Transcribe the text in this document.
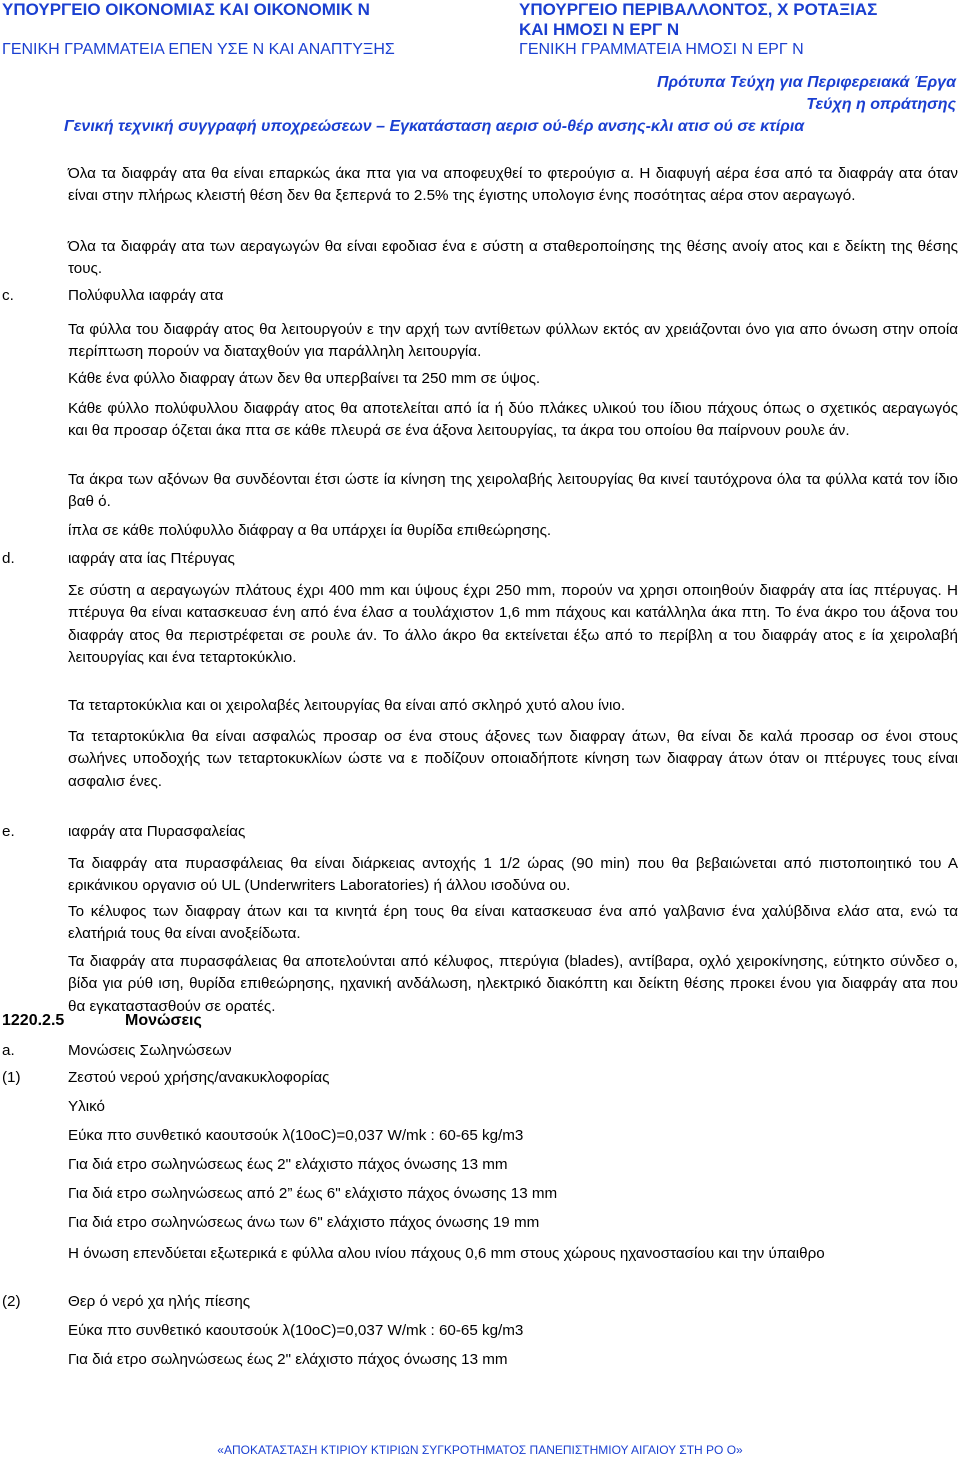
ΥΠΟΥΡΓΕΙΟ ΟΙΚΟΝΟΜΙΑΣ ΚΑΙ ΟΙΚΟΝΟΜΙΚ Ν
ΓΕΝΙΚΗ ΓΡΑΜΜΑΤΕΙΑ ΕΠΕΝ ΥΣΕ Ν ΚΑΙ ΑΝΑΠΤΥΞΗΣ
ΥΠΟΥΡΓΕΙΟ ΠΕΡΙΒΑΛΛΟΝΤΟΣ, Χ ΡΟΤΑΞΙΑΣ
ΚΑΙ ΗΜΟΣΙ Ν ΕΡΓ Ν
ΓΕΝΙΚΗ ΓΡΑΜΜΑΤΕΙΑ ΗΜΟΣΙ Ν ΕΡΓ Ν
Πρότυπα Τεύχη για Περιφερειακά Έργα
Τεύχη η οπράτησης
Γενική τεχνική συγγραφή υποχρεώσεων – Εγκατάσταση αερισ ού-θέρ ανσης-κλι ατισ ού σε κτίρια
Όλα τα διαφράγ ατα θα είναι επαρκώς άκα πτα για να αποφευχθεί το φτερούγισ α. Η διαφυγή αέρα έσα από τα διαφράγ ατα όταν είναι στην πλήρως κλειστή θέση δεν θα ξεπερνά το 2.5% της έγιστης υπολογισ ένης ποσότητας αέρα στον αεραγωγό.
Όλα τα διαφράγ ατα των αεραγωγών θα είναι εφοδιασ ένα ε σύστη α σταθεροποίησης της θέσης ανοίγ ατος και ε δείκτη της θέσης τους.
c.	Πολύφυλλα ιαφράγ ατα
Τα φύλλα του διαφράγ ατος θα λειτουργούν ε την αρχή των αντίθετων φύλλων εκτός αν χρειάζονται όνο για απο όνωση στην οποία περίπτωση πορούν να διαταχθούν για παράλληλη λειτουργία.
Κάθε ένα φύλλο διαφραγ άτων δεν θα υπερβαίνει τα 250 mm σε ύψος.
Κάθε φύλλο πολύφυλλου διαφράγ ατος θα αποτελείται από ία ή δύο πλάκες υλικού του ίδιου πάχους όπως ο σχετικός αεραγωγός και θα προσαρ όζεται άκα πτα σε κάθε πλευρά σε ένα άξονα λειτουργίας, τα άκρα του οποίου θα παίρνουν ρουλε άν.
Τα άκρα των αξόνων θα συνδέονται έτσι ώστε ία κίνηση της χειρολαβής λειτουργίας θα κινεί ταυτόχρονα όλα τα φύλλα κατά τον ίδιο βαθ ό.
ίπλα σε κάθε πολύφυλλο διάφραγ α θα υπάρχει ία θυρίδα επιθεώρησης.
d.	ιαφράγ ατα ίας Πτέρυγας
Σε σύστη α αεραγωγών πλάτους έχρι 400 mm και ύψους έχρι 250 mm, πορούν να χρησι οποιηθούν διαφράγ ατα ίας πτέρυγας. Η πτέρυγα θα είναι κατασκευασ ένη από ένα έλασ α τουλάχιστον 1,6 mm πάχους και κατάλληλα άκα πτη. Το ένα άκρο του άξονα του διαφράγ ατος θα περιστρέφεται σε ρουλε άν. Το άλλο άκρο θα εκτείνεται έξω από το περίβλη α του διαφράγ ατος ε ία χειρολαβή λειτουργίας και ένα τεταρτοκύκλιο.
Τα τεταρτοκύκλια και οι χειρολαβές λειτουργίας θα είναι από σκληρό χυτό αλου ίνιο.
Τα τεταρτοκύκλια θα είναι ασφαλώς προσαρ οσ ένα στους άξονες των διαφραγ άτων, θα είναι δε καλά προσαρ οσ ένοι στους σωλήνες υποδοχής των τεταρτοκυκλίων ώστε να ε ποδίζουν οποιαδήποτε κίνηση των διαφραγ άτων όταν οι πτέρυγες τους είναι ασφαλισ ένες.
e.	ιαφράγ ατα Πυρασφαλείας
Τα διαφράγ ατα πυρασφάλειας θα είναι διάρκειας αντοχής 1 1/2 ώρας (90 min) που θα βεβαιώνεται από πιστοποιητικό του Α ερικάνικου οργανισ ού UL (Underwriters Laboratories) ή άλλου ισοδύνα ου.
Το κέλυφος των διαφραγ άτων και τα κινητά έρη τους θα είναι κατασκευασ ένα από γαλβανισ ένα χαλύβδινα ελάσ ατα, ενώ τα ελατήριά τους θα είναι ανοξείδωτα.
Τα διαφράγ ατα πυρασφάλειας θα αποτελούνται από κέλυφος, πτερύγια (blades), αντίβαρα, οχλό χειροκίνησης, εύτηκτο σύνδεσ ο, βίδα για ρύθ ιση, θυρίδα επιθεώρησης, ηχανική ανδάλωση, ηλεκτρικό διακόπτη και δείκτη θέσης προκει ένου για διαφράγ ατα που θα εγκαταστασθούν σε ορατές.
1220.2.5	Μονώσεις
a.	Μονώσεις Σωληνώσεων
(1)	Ζεστού νερού χρήσης/ανακυκλοφορίας
Υλικό
Εύκα πτο συνθετικό καουτσούκ λ(10oC)=0,037 W/mk : 60-65 kg/m3
Για διά ετρο σωληνώσεως έως 2" ελάχιστο πάχος όνωσης 13 mm
Για διά ετρο σωληνώσεως από 2” έως 6" ελάχιστο πάχος όνωσης 13 mm
Για διά ετρο σωληνώσεως άνω των 6" ελάχιστο πάχος όνωσης 19 mm
Η όνωση επενδύεται εξωτερικά ε φύλλα αλου ινίου πάχους 0,6 mm στους χώρους ηχανοστασίου και την ύπαιθρο
(2)	Θερ ό νερό χα ηλής πίεσης
Εύκα πτο συνθετικό καουτσούκ λ(10oC)=0,037 W/mk : 60-65 kg/m3
Για διά ετρο σωληνώσεως έως 2" ελάχιστο πάχος όνωσης 13 mm
«ΑΠΟΚΑΤΑΣΤΑΣΗ ΚΤΙΡΙΟΥ ΚΤΙΡΙΩΝ ΣΥΓΚΡΟΤΗΜΑΤΟΣ ΠΑΝΕΠΙΣΤΗΜΙΟΥ ΑΙΓΑΙΟΥ ΣΤΗ ΡΟ Ο»
